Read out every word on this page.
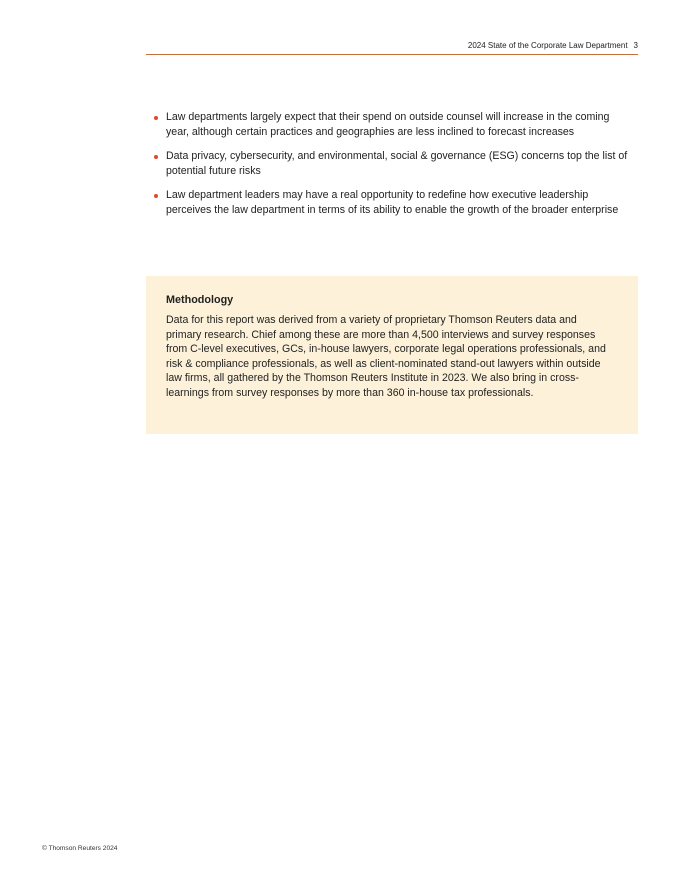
2024 State of the Corporate Law Department 3
Law departments largely expect that their spend on outside counsel will increase in the coming year, although certain practices and geographies are less inclined to forecast increases
Data privacy, cybersecurity, and environmental, social & governance (ESG) concerns top the list of potential future risks
Law department leaders may have a real opportunity to redefine how executive leadership perceives the law department in terms of its ability to enable the growth of the broader enterprise
Methodology

Data for this report was derived from a variety of proprietary Thomson Reuters data and primary research. Chief among these are more than 4,500 interviews and survey responses from C-level executives, GCs, in-house lawyers, corporate legal operations professionals, and risk & compliance professionals, as well as client-nominated stand-out lawyers within outside law firms, all gathered by the Thomson Reuters Institute in 2023. We also bring in cross-learnings from survey responses by more than 360 in-house tax professionals.

© Thomson Reuters 2024
